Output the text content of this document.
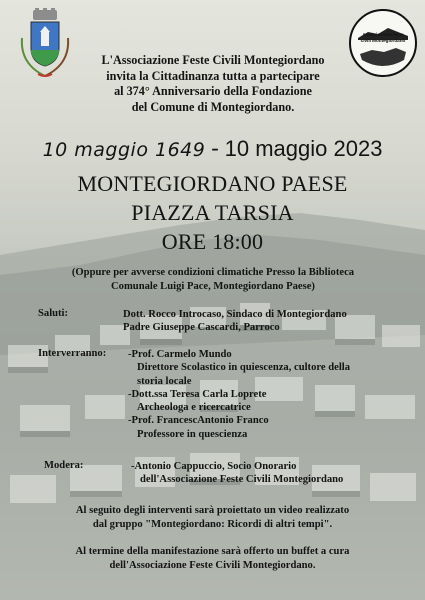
Associazione feste civili Montegiordano
L'Associazione Feste Civili Montegiordano
invita la Cittadinanza tutta a partecipare
al 374° Anniversario della Fondazione
del Comune di Montegiordano.
10 maggio 1649 - 10 maggio 2023
MONTEGIORDANO PAESE
PIAZZA TARSIA
ORE 18:00
(Oppure per avverse condizioni climatiche Presso la Biblioteca
Comunale Luigi Pace, Montegiordano Paese)
Saluti:	Dott. Rocco Introcaso, Sindaco di Montegiordano
Padre Giuseppe Cascardi, Parroco
Interverranno: -Prof. Carmelo Mundo
Direttore Scolastico in quiescenza, cultore della
storia locale
-Dott.ssa Teresa Carla Loprete
Archeologa e ricercatrice
-Prof. FrancescAntonio Franco
Professore in quescienza
Modera:	-Antonio Cappuccio, Socio Onorario
dell'Associazione Feste Civili Montegiordano
Al seguito degli interventi sarà proiettato un video realizzato
dal gruppo "Montegiordano: Ricordi di altri tempi".
Al termine della manifestazione sarà offerto un buffet a cura
dell'Associazione Feste Civili Montegiordano.
